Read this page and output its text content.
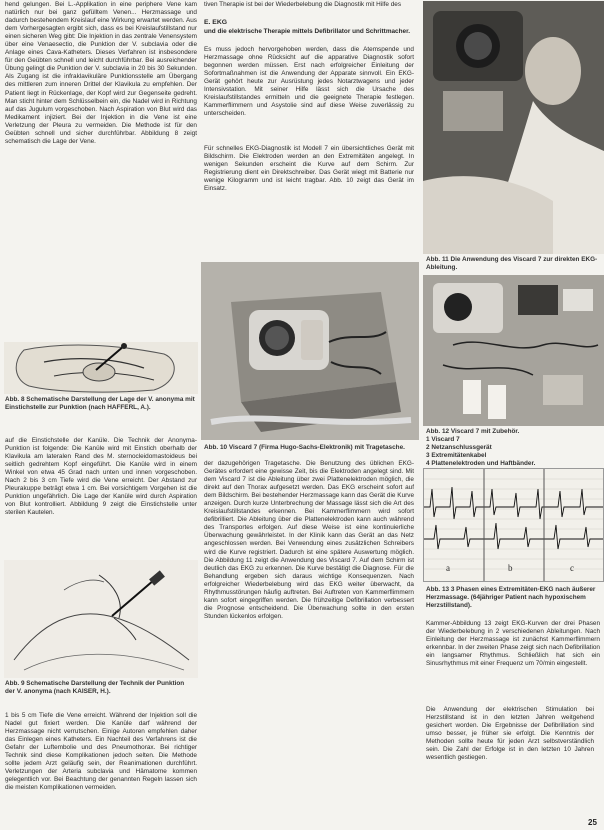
hend gelungen. Bei L.-Applikation in eine periphere Vene kam natürlich nur bei ganz gefülltem Venen... Herzmassage und dadurch bestehendem Kreislauf eine Wirkung erwartet werden. Aus dem Vorhergesagten ergibt sich, dass es bei Kreislaufstillstand nur einen sicheren Weg gibt: Die Injektion in das zentrale Venensystem über eine Venaesectio, die Punktion der V. subclavia oder die Anlage eines Cava-Katheters. Dieses Verfahren ist insbesondere für den Geübten schnell und leicht durchführbar. Bei ausreichender Übung gelingt die Punktion der V. subclavia in 20 bis 30 Sekunden. Als Zugang ist die infraklavikuläre Punktionsstelle am Übergang des mittleren zum inneren Drittel der Klavikula zu empfehlen. Der Patient liegt in Rückenlage, der Kopf wird zur Gegenseite gedreht. Man sticht hinter dem Schlüsselbein ein, die Nadel wird in Richtung auf das Jugulum vorgeschoben. Nach Aspiration von Blut wird das Medikament injiziert. Bei der Injektion in die Vene ist eine Verletzung der Pleura zu vermeiden. Die Methode ist für den Geübten schnell und sicher durchführbar. Abbildung 8 zeigt schematisch die Lage der Vene.

Abb. 8 Schematische Darstellung der Lage der V. anonyma mit Einstichstelle zur Punktion (nach HAFFERL, A.).

auf die Einstichstelle der Kanüle. Die Technik der Anonyma-Punktion ist folgende: Die Kanüle wird mit Einstich oberhalb der Klavikula am lateralen Rand des M. sternocleidomastoideus bei seitlich gedrehtem Kopf eingeführt. Die Kanüle wird in einem Winkel von etwa 45 Grad nach unten und innen vorgeschoben. Nach 2 bis 3 cm Tiefe wird die Vene erreicht. Der Abstand zur Pleurakuppe beträgt etwa 1 cm. Bei vorsichtigem Vorgehen ist die Punktion ungefährlich. Die Lage der Kanüle wird durch Aspiration von Blut kontrolliert. Abbildung 9 zeigt die Einstichstelle unter sterilen Kautelen.

Abb. 9 Schematische Darstellung der Technik der Punktion der V. anonyma (nach KAISER, H.).

1 bis 5 cm Tiefe die Vene erreicht. Während der Injektion soll die Nadel gut fixiert werden. Die Kanüle darf während der Herzmassage nicht verrutschen. Einige Autoren empfehlen daher das Einlegen eines Katheters. Ein Nachteil des Verfahrens ist die Gefahr der Luftembolie und des Pneumothorax. Bei richtiger Technik sind diese Komplikationen jedoch selten. Die Methode sollte jedem Arzt geläufig sein, der Reanimationen durchführt. Verletzungen der Arteria subclavia und Hämatome kommen gelegentlich vor. Bei Beachtung der genannten Regeln lassen sich die meisten Komplikationen vermeiden.

tiven Therapie ist bei der Wiederbelebung die Diagnostik mit Hilfe des

E. EKG
und die elektrische Therapie mittels Defibrillator und Schrittmacher.

Es muss jedoch hervorgehoben werden, dass die Atemspende und Herzmassage ohne Rücksicht auf die apparative Diagnostik sofort begonnen werden müssen. Erst nach erfolgreicher Einleitung der Sofortmaßnahmen ist die Anwendung der Apparate sinnvoll. Ein EKG-Gerät gehört heute zur Ausrüstung jedes Notarztwagens und jeder Intensivstation. Mit seiner Hilfe lässt sich die Ursache des Kreislaufstillstandes ermitteln und die geeignete Therapie festlegen. Kammerflimmern und Asystolie sind auf diese Weise zuverlässig zu unterscheiden.

Für schnelles EKG-Diagnostik ist Modell 7 ein übersichtliches Gerät mit Bildschirm. Die Elektroden werden an den Extremitäten angelegt. In wenigen Sekunden erscheint die Kurve auf dem Schirm. Zur Registrierung dient ein Direktschreiber. Das Gerät wiegt mit Batterie nur wenige Kilogramm und ist leicht tragbar. Abb. 10 zeigt das Gerät im Einsatz.

Abb. 10 Viscard 7 (Firma Hugo-Sachs-Elektronik) mit Tragetasche.

der dazugehörigen Tragetasche. Die Benutzung des üblichen EKG-Gerätes erfordert eine gewisse Zeit, bis die Elektroden angelegt sind. Mit dem Viscard 7 ist die Ableitung über zwei Plattenelektroden möglich, die direkt auf den Thorax aufgesetzt werden. Das EKG erscheint sofort auf dem Bildschirm. Bei bestehender Herzmassage kann das Gerät die Kurve anzeigen. Durch kurze Unterbrechung der Massage lässt sich die Art des Kreislaufstillstandes erkennen. Bei Kammerflimmern wird sofort defibrilliert. Die Ableitung über die Plattenelektroden kann auch während des Transportes erfolgen. Auf diese Weise ist eine kontinuierliche Überwachung gewährleistet. In der Klinik kann das Gerät an das Netz angeschlossen werden. Bei Verwendung eines zusätzlichen Schreibers wird die Kurve registriert. Dadurch ist eine spätere Auswertung möglich. Die Abbildung 11 zeigt die Anwendung des Viscard 7. Auf dem Schirm ist deutlich das EKG zu erkennen. Die Kurve bestätigt die Diagnose. Für die Behandlung ergeben sich daraus wichtige Konsequenzen. Nach erfolgreicher Wiederbelebung wird das EKG weiter überwacht, da Rhythmusstörungen häufig auftreten. Bei Auftreten von Kammerflimmern kann sofort eingegriffen werden. Die frühzeitige Defibrillation verbessert die Prognose entscheidend. Die Überwachung sollte in den ersten Stunden lückenlos erfolgen.

Abb. 11 Die Anwendung des Viscard 7 zur direkten EKG-Ableitung.
Abb. 12 Viscard 7 mit Zubehör.
1 Viscard 7
2 Netzanschlussgerät
3 Extremitätenkabel
4 Plattenelektroden und Haftbänder.
a	b	c
Abb. 13 3 Phasen eines Extremitäten-EKG nach äußerer Herzmassage. (64jähriger Patient nach hypoxischem Herzstillstand).

Kammer-Abbildung 13 zeigt EKG-Kurven der drei Phasen der Wiederbelebung in 2 verschiedenen Ableitungen. Nach Einleitung der Herzmassage ist zunächst Kammerflimmern erkennbar. In der zweiten Phase zeigt sich nach Defibrillation ein langsamer Rhythmus. Schließlich hat sich ein Sinusrhythmus mit einer Frequenz um 70/min eingestellt.

Die Anwendung der elektrischen Stimulation bei Herzstillstand ist in den letzten Jahren weitgehend gesichert worden. Die Ergebnisse der Defibrillation sind umso besser, je früher sie erfolgt. Die Kenntnis der Methoden sollte heute für jeden Arzt selbstverständlich sein. Die Zahl der Erfolge ist in den letzten 10 Jahren wesentlich gestiegen.

25
